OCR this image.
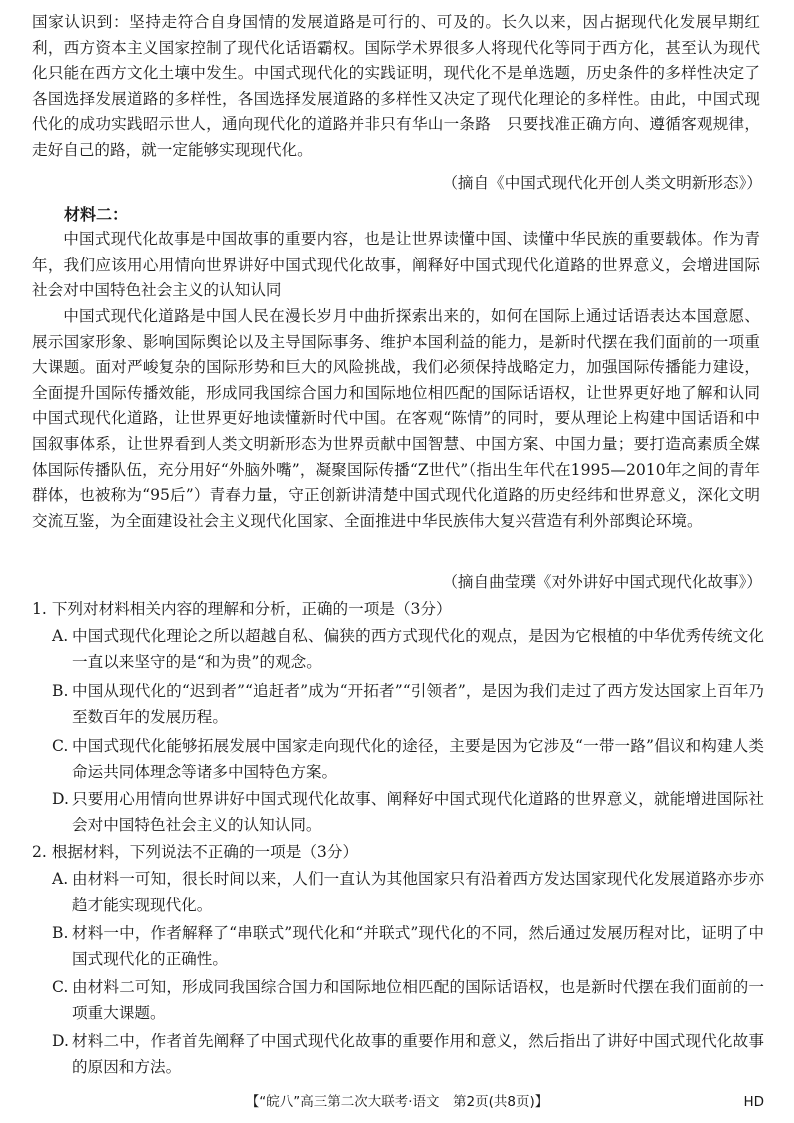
国家认识到：坚持走符合自身国情的发展道路是可行的、可及的。长久以来，因占据现代化发展早期红利，西方资本主义国家控制了现代化话语霸权。国际学术界很多人将现代化等同于西方化，甚至认为现代化只能在西方文化土壤中发生。中国式现代化的实践证明，现代化不是单选题，历史条件的多样性决定了各国选择发展道路的多样性，各国选择发展道路的多样性又决定了现代化理论的多样性。由此，中国式现代化的成功实践昭示世人，通向现代化的道路并非只有华山一条路　只要找准正确方向、遵循客观规律，走好自己的路，就一定能够实现现代化。
（摘自《中国式现代化开创人类文明新形态》）
材料二：
中国式现代化故事是中国故事的重要内容，也是让世界读懂中国、读懂中华民族的重要载体。作为青年，我们应该用心用情向世界讲好中国式现代化故事，阐释好中国式现代化道路的世界意义，会增进国际社会对中国特色社会主义的认知认同
中国式现代化道路是中国人民在漫长岁月中曲折探索出来的，如何在国际上通过话语表达本国意愿、展示国家形象、影响国际舆论以及主导国际事务、维护本国利益的能力，是新时代摆在我们面前的一项重大课题。面对严峻复杂的国际形势和巨大的风险挑战，我们必须保持战略定力，加强国际传播能力建设，全面提升国际传播效能，形成同我国综合国力和国际地位相匹配的国际话语权，让世界更好地了解和认同中国式现代化道路，让世界更好地读懂新时代中国。在客观“陈情”的同时，要从理论上构建中国话语和中国叙事体系，让世界看到人类文明新形态为世界贡献中国智慧、中国方案、中国力量；要打造高素质全媒体国际传播队伍，充分用好“外脑外嘴”，凝聚国际传播“Z世代”（指出生年代在1995—2010年之间的青年群体，也被称为“95后”）青春力量，守正创新讲清楚中国式现代化道路的历史经纬和世界意义，深化文明交流互鉴，为全面建设社会主义现代化国家、全面推进中华民族伟大复兴营造有利外部舆论环境。
（摘自曲莹璞《对外讲好中国式现代化故事》）
1. 下列对材料相关内容的理解和分析，正确的一项是（3分）
A. 中国式现代化理论之所以超越自私、偏狭的西方式现代化的观点，是因为它根植的中华优秀传统文化一直以来坚守的是“和为贵”的观念。
B. 中国从现代化的“迟到者”“追赶者”成为“开拓者”“引领者”，是因为我们走过了西方发达国家上百年乃至数百年的发展历程。
C. 中国式现代化能够拓展发展中国家走向现代化的途径，主要是因为它涉及“一带一路”倡议和构建人类命运共同体理念等诸多中国特色方案。
D. 只要用心用情向世界讲好中国式现代化故事、阐释好中国式现代化道路的世界意义，就能增进国际社会对中国特色社会主义的认知认同。
2. 根据材料，下列说法不正确的一项是（3分）
A. 由材料一可知，很长时间以来，人们一直认为其他国家只有沿着西方发达国家现代化发展道路亦步亦趋才能实现现代化。
B. 材料一中，作者解释了“串联式”现代化和“并联式”现代化的不同，然后通过发展历程对比，证明了中国式现代化的正确性。
C. 由材料二可知，形成同我国综合国力和国际地位相匹配的国际话语权，也是新时代摆在我们面前的一项重大课题。
D. 材料二中，作者首先阐释了中国式现代化故事的重要作用和意义，然后指出了讲好中国式现代化故事的原因和方法。
【“皖八”高三第二次大联考·语文　第2页(共8页)】	HD
